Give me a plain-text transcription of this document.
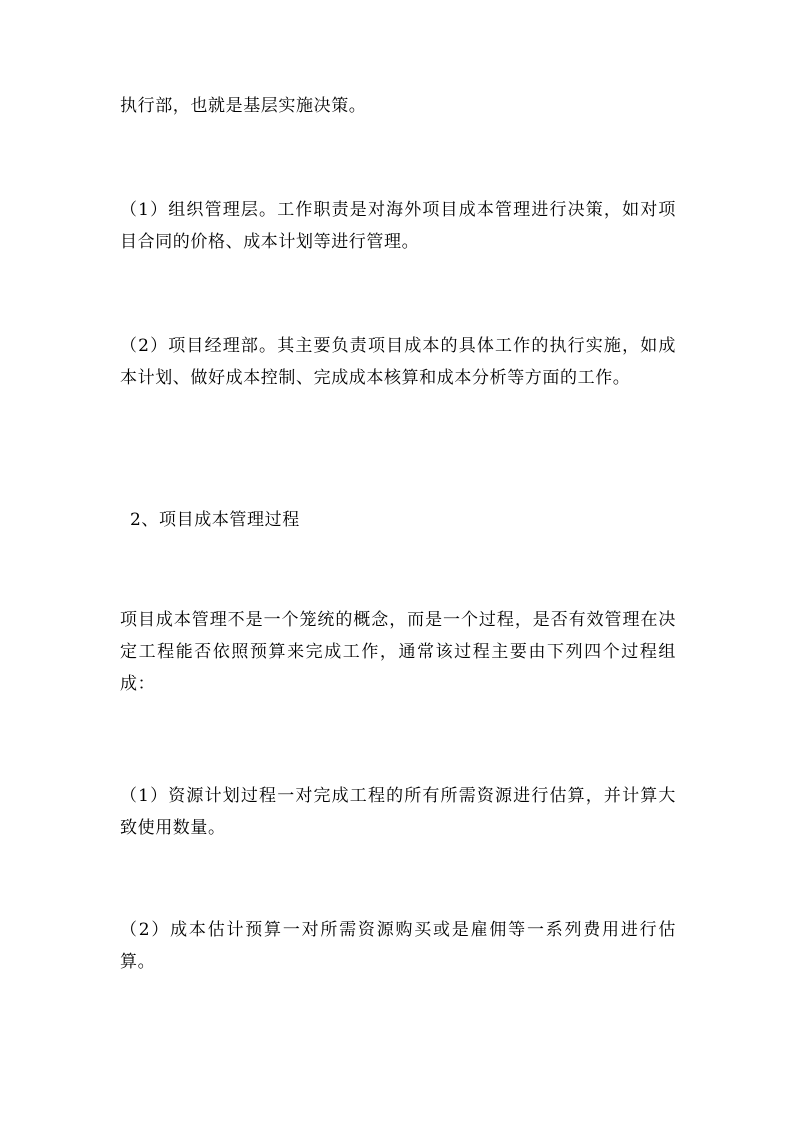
执行部，也就是基层实施决策。

（1）组织管理层。工作职责是对海外项目成本管理进行决策，如对项目合同的价格、成本计划等进行管理。

（2）项目经理部。其主要负责项目成本的具体工作的执行实施，如成本计划、做好成本控制、完成成本核算和成本分析等方面的工作。

2、项目成本管理过程

项目成本管理不是一个笼统的概念，而是一个过程，是否有效管理在决定工程能否依照预算来完成工作，通常该过程主要由下列四个过程组成：

（1）资源计划过程一对完成工程的所有所需资源进行估算，并计算大致使用数量。

（2）成本估计预算一对所需资源购买或是雇佣等一系列费用进行估算。
